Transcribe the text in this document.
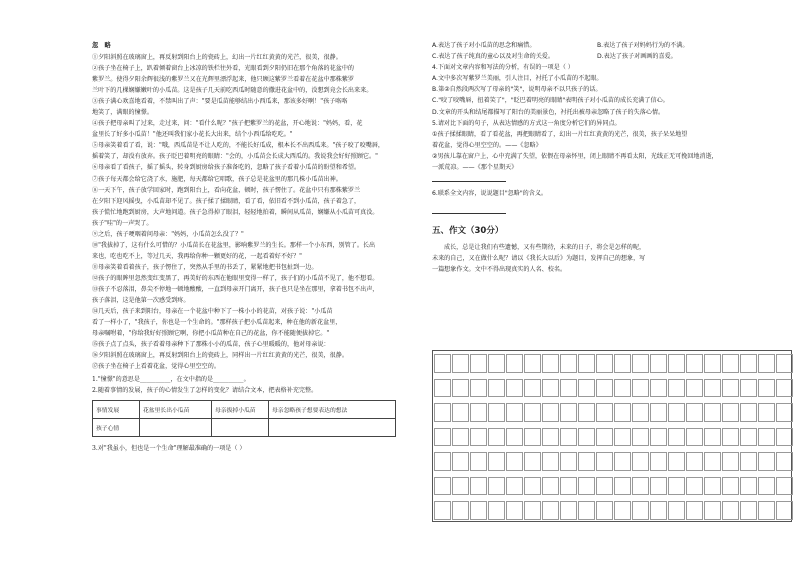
忽 略
①夕阳斜照在玻璃窗上，再反射到阳台上的瓷砖上，幻出一片红红黄黄的光芒，很美，很静。
②孩子坐在椅子上，趴着倾着窗台上冰凉的铁栏往外看，光眼看到夕阳仍旧在那个角落的花盆中的
紫罗兰。使得夕阳余辉很浅的紫罗兰又在光辉里漂浮起来，他只顾这紫罗兰看着在花盆中那株紫罗
兰叶下的几棵娴嫌嫩叶的小瓜苗。这是孩子几天前吃西瓜时随意的撒进花盆中的，没想到竟会长出来来。
③孩子满心欢喜地看着，不禁叫出了声："要是瓜苗能够结出小西瓜来，那该多好啊！"孩子咯咯
地笑了，满眼的憧憬。
④孩子把母亲叫了过来，走过来，问："看什么呢？"孩子把紫罗兰的花盆，开心地说："妈妈，看，花
盆里长了好多小瓜苗！"他还叫我们家小花长大出来，结个小西瓜给吃吃。"
⑤母亲笑着看了看，说："哦，西瓜苗是不让人吃的，不能长好瓜成，根本长不出西瓜来。"孩子咬了咬嘴唇，
摇着笑了，却没有放弃。孩子眨巴着明亮的眼睛："会的，小瓜苗会长成大西瓜的。我说我会好好照顾它。"
⑥母亲看了看孩子，摇了摇头，转身到厨房给孩子准备吃的，忽略了孩子看着小瓜苗的盼望和希望。
⑦孩子每天都会给它浇了水，施肥，每天都给它唱歌，孩子总是花盆里的那几株小瓜苗出神。
⑧一天下午，孩子放学回家时，跑到阳台上，看向花盆，顿时，孩子愣住了。花盆中只有那株紫罗兰
在夕阳下迎风摇曳，小瓜苗却不见了。孩子揉了揉眼睛，看了看，依旧看不到小瓜苗，孩子着急了，
孩子慌忙地跑到厨房，大声地问道。孩子急得掉了眼泪，轻轻地拍着，瞬间从瓜苗，娴嫌从小瓜苗可真没。
孩子"哇"的一声哭了。
⑨之后，孩子哽咽着问母亲："妈妈，小瓜苗怎么没了？"
⑩"我拔掉了，这有什么可惜的？小瓜苗长在花盆里，影响紫罗兰的生长。那样一个小东西，别管了。长出
来也，吃也吃不上，等过几天，我再给你种一颗更好的花，一起看着好不好？"
⑪母亲笑着看着孩子，孩子愣住了，突然从手里的书丢了，紧紧地把书包扯到一边。
⑫孩子的眼眸里忽然变红变黑了，再美好的东西在他眼里变得一样了，孩子们的小瓜苗不见了，他不想看。
⑬孩子不忍落泪，鼻尖不停地一顿地酸酸，一直到母亲开门离开，孩子也只是坐在那里，拿着书包不出声，
孩子落泪，这是他第一次感受到疼。
⑭几天后，孩子来到阳台，母亲在一个花盆中种下了一株小小的花苗，对孩子说："小瓜苗
看了一样小了，"我孩子，你也是一个生命的。"那样孩子把小瓜苗起来，种在他的新花盆里，
母亲嘱咐着，"你给我好好照顾它啊，你把小瓜苗种在自己的花盆，你不能随便拔掉它。"
⑮孩子点了点头，孩子看着母亲种下了那株小小的瓜苗，孩子心里暖暖的，他对母亲说：
⑯夕阳斜照在玻璃窗上，再反射到阳台上的瓷砖上，同样出一片红红黄黄的光芒，很美，很静。
⑰孩子坐在椅子上看着花盆，觉得心里空空的。
1."憧憬"的意思是__________，在文中指的是__________。
2.随着事情的发展，孩子的心情发生了怎样的变化？请结合文本，把表格补充完整。
事情发展	花盆里长出小瓜苗	母亲拔掉小瓜苗	母亲忽略孩子想要表达的想法
孩子心情			
3.对"我虽小，但也是一个生命"理解最准确的一项是（ ）
A.表达了孩子对小瓜苗的思念和痛惜。	B.表达了孩子对妈妈行为的不满。
C.表达了孩子纯真的童心以及对生命的关爱。	D.表达了孩子对画画的喜爱。
4.下面对文章内容和写法的分析，有误的一项是（ ）
A.文中多次写紫罗兰美丽，引人注目，衬托了小瓜苗的不起眼。
B.第②自然段两次写了母亲的"笑"，说明母亲不以只孩子的话。
C."咬了咬嘴唇，扭着笑了"，"眨巴着明亮的眼睛"表明孩子对小瓜苗的成长充满了信心。
D.文章的开头和结尾都描写了阳台的美丽景色，衬托出被母亲忽略了孩子的失落心情。
5.请对比下面的句子，从表达情感的方式这一角度分析它们的异同点。
①孩子揉揉眼睛，看了看花盆，再把眼睛看了，幻出一片红红黄黄的光芒，很美，孩子呆呆地望
着花盆，觉得心里空空的。——《忽略》
②男孩儿靠在窗户上，心中充满了失望，依偎在母亲怀里，闭上眼睛不再看太阳，光线正无可挽回地消逝，
一派荒凉。——《那个星期天》
6.联系全文内容，说说题目"忽略"的含义。
五、作文（30分）
成长，总是让我们有些遗憾，又有些期待，未来的日子，将会是怎样的呢，
未来的自己，又在做什么呢？请以《我长大以后》为题目，发挥自己的想象，写
一篇想象作文。文中不得出现真实的人名、校名。
